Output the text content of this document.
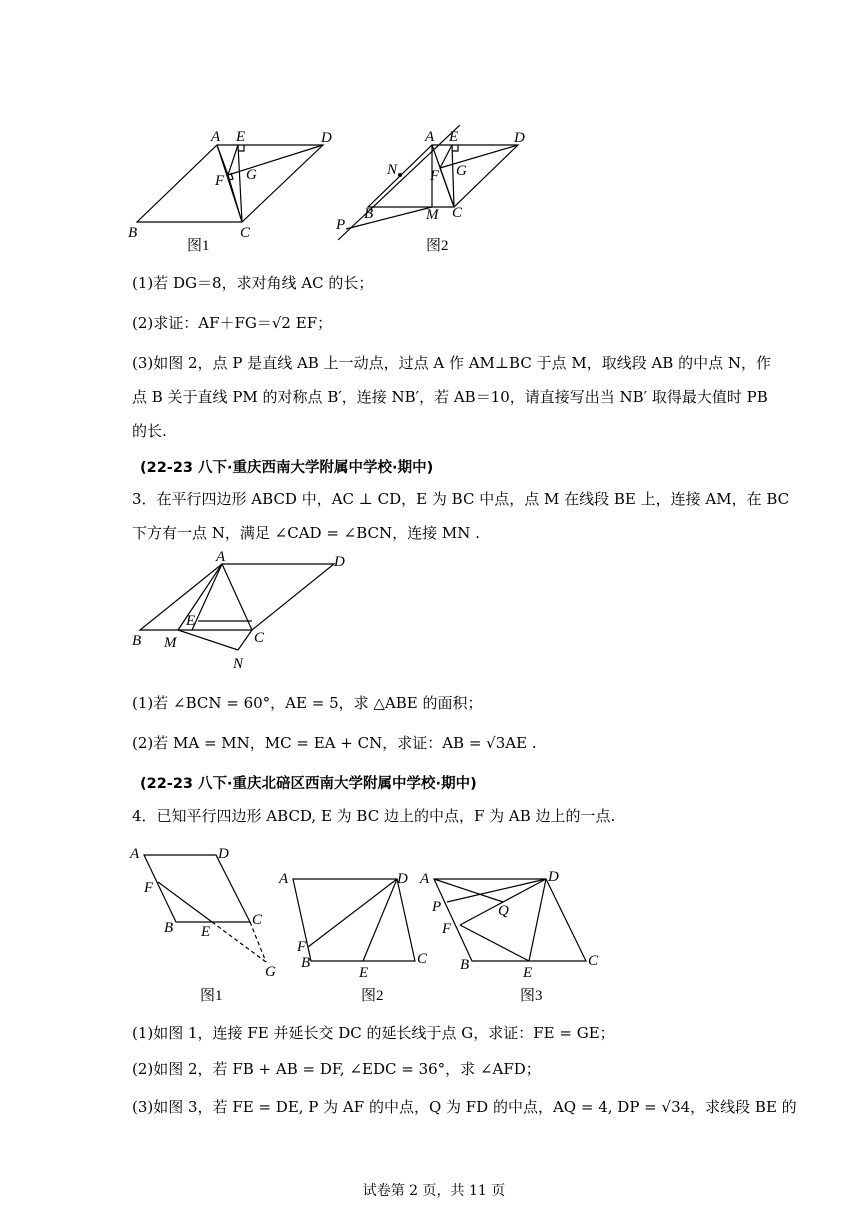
A E	D
F G
B	C
图1
A E	D
N F G
B	M C
P
图2
(1)若 DG＝8，求对角线 AC 的长；
(2)求证：AF＋FG＝√2 EF；
(3)如图 2，点 P 是直线 AB 上一动点，过点 A 作 AM⊥BC 于点 M，取线段 AB 的中点 N，作
点 B 关于直线 PM 的对称点 B′，连接 NB′，若 AB＝10，请直接写出当 NB′ 取得最大值时 PB
的长.
(22-23 八下·重庆西南大学附属中学校·期中)
3．在平行四边形 ABCD 中，AC ⊥ CD，E 为 BC 中点，点 M 在线段 BE 上，连接 AM，在 BC
下方有一点 N，满足 ∠CAD = ∠BCN，连接 MN .
A	D
E
B M	C
N
(1)若 ∠BCN = 60°，AE = 5，求 △ABE 的面积；
(2)若 MA = MN，MC = EA + CN，求证：AB = √3AE .
(22-23 八下·重庆北碚区西南大学附属中学校·期中)
4．已知平行四边形 ABCD, E 为 BC 边上的中点，F 为 AB 边上的一点.
A	D
F
B E
C
G
图1
A	D
F
B
E
C
图2
A	D
P	Q
F
B	E
C
图3
(1)如图 1，连接 FE 并延长交 DC 的延长线于点 G，求证：FE = GE；
(2)如图 2，若 FB + AB = DF, ∠EDC = 36°，求 ∠AFD；
(3)如图 3，若 FE = DE, P 为 AF 的中点，Q 为 FD 的中点，AQ = 4, DP = √34，求线段 BE 的
试卷第 2 页，共 11 页
